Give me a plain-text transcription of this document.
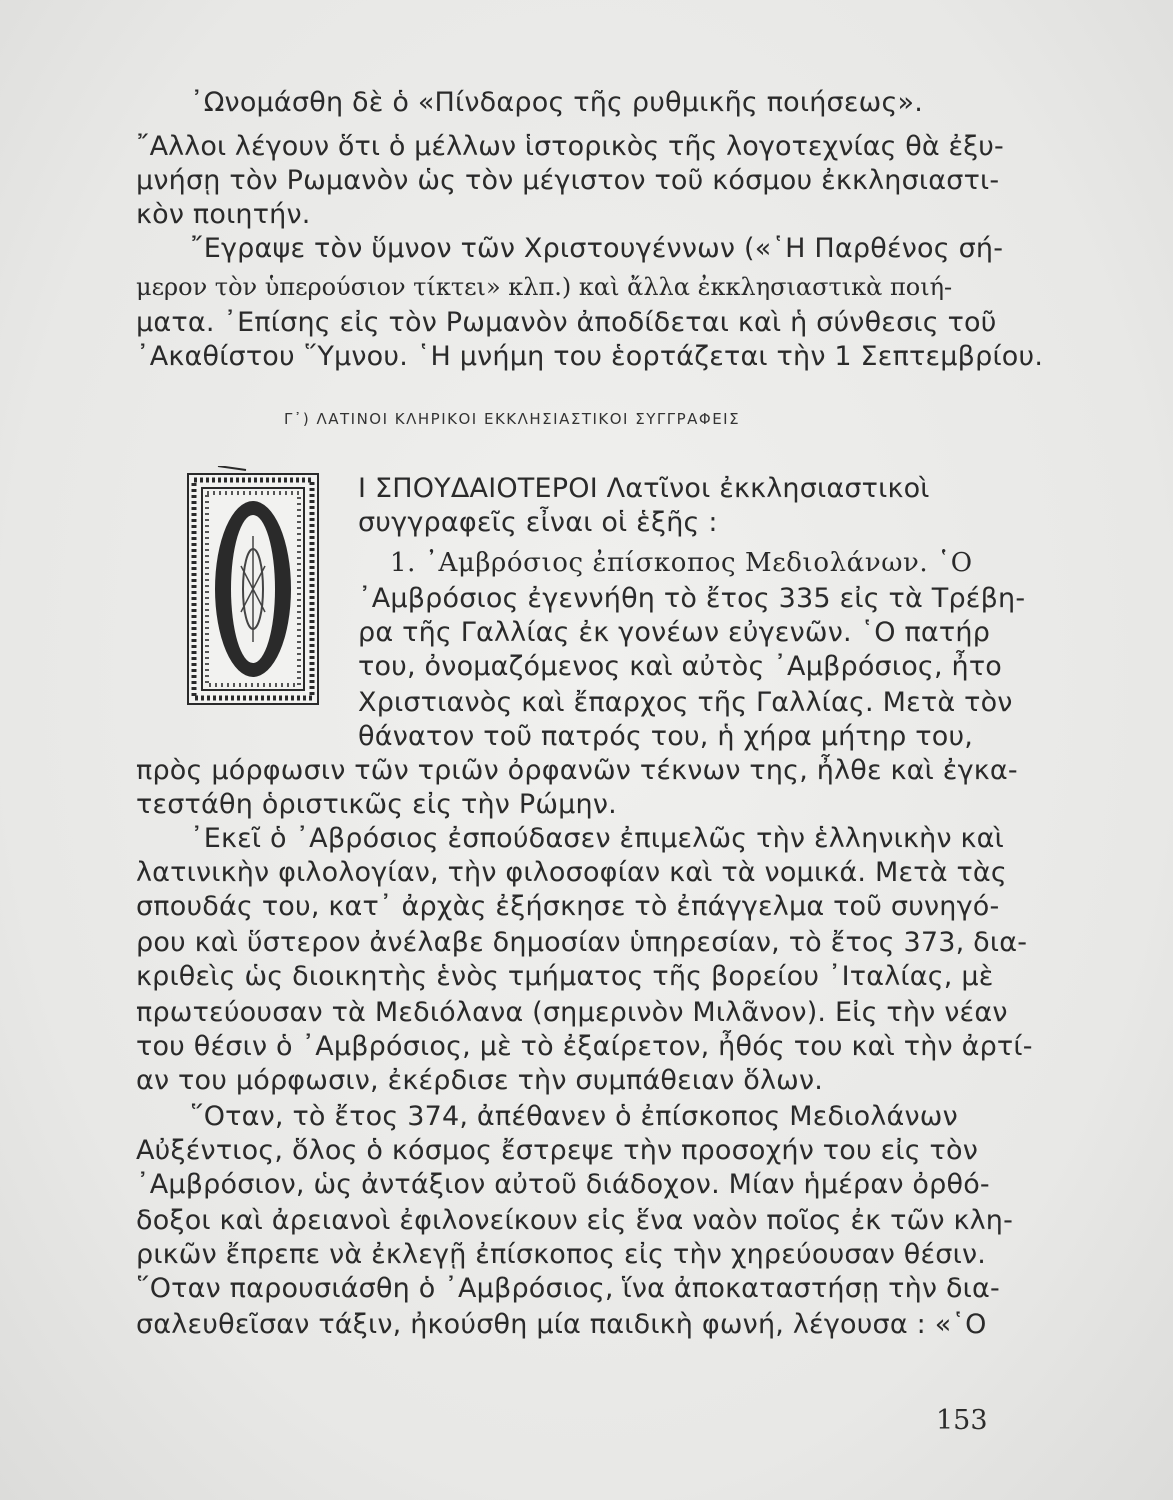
᾽Ωνομάσθη δὲ ὁ «Πίνδαρος τῆς ρυθμικῆς ποιήσεως».
῎Αλλοι λέγουν ὅτι ὁ μέλλων ἱστορικὸς τῆς λογοτεχνίας θὰ ἐξυ-
μνήσῃ τὸν Ρωμανὸν ὡς τὸν μέγιστον τοῦ κόσμου ἐκκλησιαστι-
κὸν ποιητήν.
῎Εγραψε τὸν ὕμνον τῶν Χριστουγέννων («῾Η Παρθένος σή-
μερον τὸν ὑπερούσιον τίκτει» κλπ.) καὶ ἄλλα ἐκκλησιαστικὰ ποιή-
ματα. ᾽Επίσης εἰς τὸν Ρωμανὸν ἀποδίδεται καὶ ἡ σύνθεσις τοῦ
᾽Ακαθίστου ῞Υμνου. ῾Η μνήμη του ἑορτάζεται τὴν 1 Σεπτεμβρίου.
Γ᾽) ΛΑΤΙΝΟΙ ΚΛΗΡΙΚΟΙ ΕΚΚΛΗΣΙΑΣΤΙΚΟΙ ΣΥΓΓΡΑΦΕΙΣ
Ι ΣΠΟΥΔΑΙΟΤΕΡΟΙ Λατῖνοι ἐκκλησιαστικοὶ
συγγραφεῖς εἶναι οἱ ἑξῆς :
1. ᾽Αμβρόσιος ἐπίσκοπος Μεδιολάνων. ῾Ο
᾽Αμβρόσιος ἐγεννήθη τὸ ἔτος 335 εἰς τὰ Τρέβη-
ρα τῆς Γαλλίας ἐκ γονέων εὐγενῶν. ῾Ο πατήρ
του, ὀνομαζόμενος καὶ αὐτὸς ᾽Αμβρόσιος, ἦτο
Χριστιανὸς καὶ ἔπαρχος τῆς Γαλλίας. Μετὰ τὸν
θάνατον τοῦ πατρός του, ἡ χήρα μήτηρ του,
πρὸς μόρφωσιν τῶν τριῶν ὀρφανῶν τέκνων της, ἦλθε καὶ ἐγκα-
τεστάθη ὁριστικῶς εἰς τὴν Ρώμην.
᾽Εκεῖ ὁ ᾽Αβρόσιος ἐσπούδασεν ἐπιμελῶς τὴν ἑλληνικὴν καὶ
λατινικὴν φιλολογίαν, τὴν φιλοσοφίαν καὶ τὰ νομικά. Μετὰ τὰς
σπουδάς του, κατ᾽ ἀρχὰς ἐξήσκησε τὸ ἐπάγγελμα τοῦ συνηγό-
ρου καὶ ὕστερον ἀνέλαβε δημοσίαν ὑπηρεσίαν, τὸ ἔτος 373, δια-
κριθεὶς ὡς διοικητὴς ἑνὸς τμήματος τῆς βορείου ᾽Ιταλίας, μὲ
πρωτεύουσαν τὰ Μεδιόλανα (σημερινὸν Μιλᾶνον). Εἰς τὴν νέαν
του θέσιν ὁ ᾽Αμβρόσιος, μὲ τὸ ἐξαίρετον, ἦθός του καὶ τὴν ἀρτί-
αν του μόρφωσιν, ἐκέρδισε τὴν συμπάθειαν ὅλων.
῞Οταν, τὸ ἔτος 374, ἀπέθανεν ὁ ἐπίσκοπος Μεδιολάνων
Αὐξέντιος, ὅλος ὁ κόσμος ἔστρεψε τὴν προσοχήν του εἰς τὸν
᾽Αμβρόσιον, ὡς ἀντάξιον αὐτοῦ διάδοχον. Μίαν ἡμέραν ὀρθό-
δοξοι καὶ ἀρειανοὶ ἐφιλονείκουν εἰς ἕνα ναὸν ποῖος ἐκ τῶν κλη-
ρικῶν ἔπρεπε νὰ ἐκλεγῇ ἐπίσκοπος εἰς τὴν χηρεύουσαν θέσιν.
῞Οταν παρουσιάσθη ὁ ᾽Αμβρόσιος, ἵνα ἀποκαταστήσῃ τὴν δια-
σαλευθεῖσαν τάξιν, ἠκούσθη μία παιδικὴ φωνή, λέγουσα : «῾Ο
153
